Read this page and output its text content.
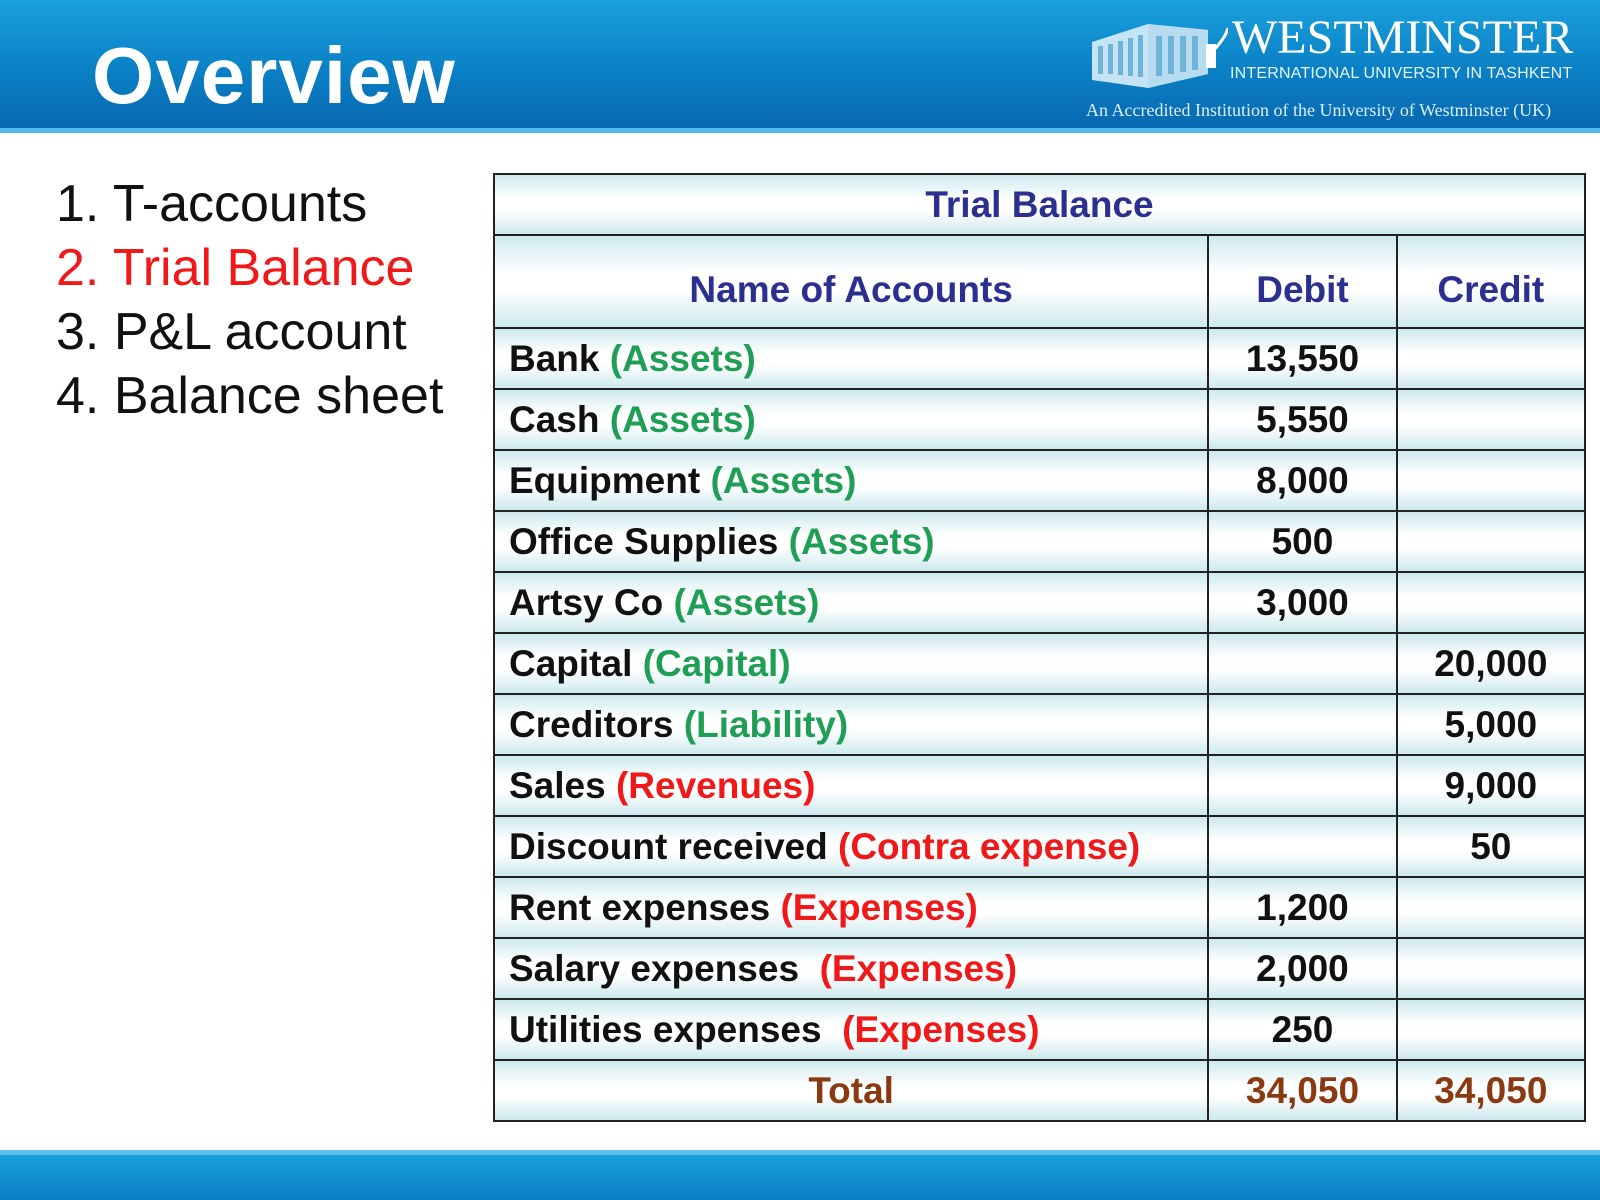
Overview	WESTMINSTER
INTERNATIONAL UNIVERSITY IN TASHKENT
An Accredited Institution of the University of Westminster (UK)
1. T-accounts
2. Trial Balance
3. P&L account
4. Balance sheet
Trial Balance		
Name of Accounts	Debit	Credit
Bank (Assets)	13,550	
Cash (Assets)	5,550	
Equipment (Assets)	8,000	
Office Supplies (Assets)	500	
Artsy Co (Assets)	3,000	
Capital (Capital)		20,000
Creditors (Liability)		5,000
Sales (Revenues)		9,000
Discount received (Contra expense)		50
Rent expenses (Expenses)	1,200	
Salary expenses  (Expenses)	2,000	
Utilities expenses  (Expenses)	250	
Total	34,050	34,050
